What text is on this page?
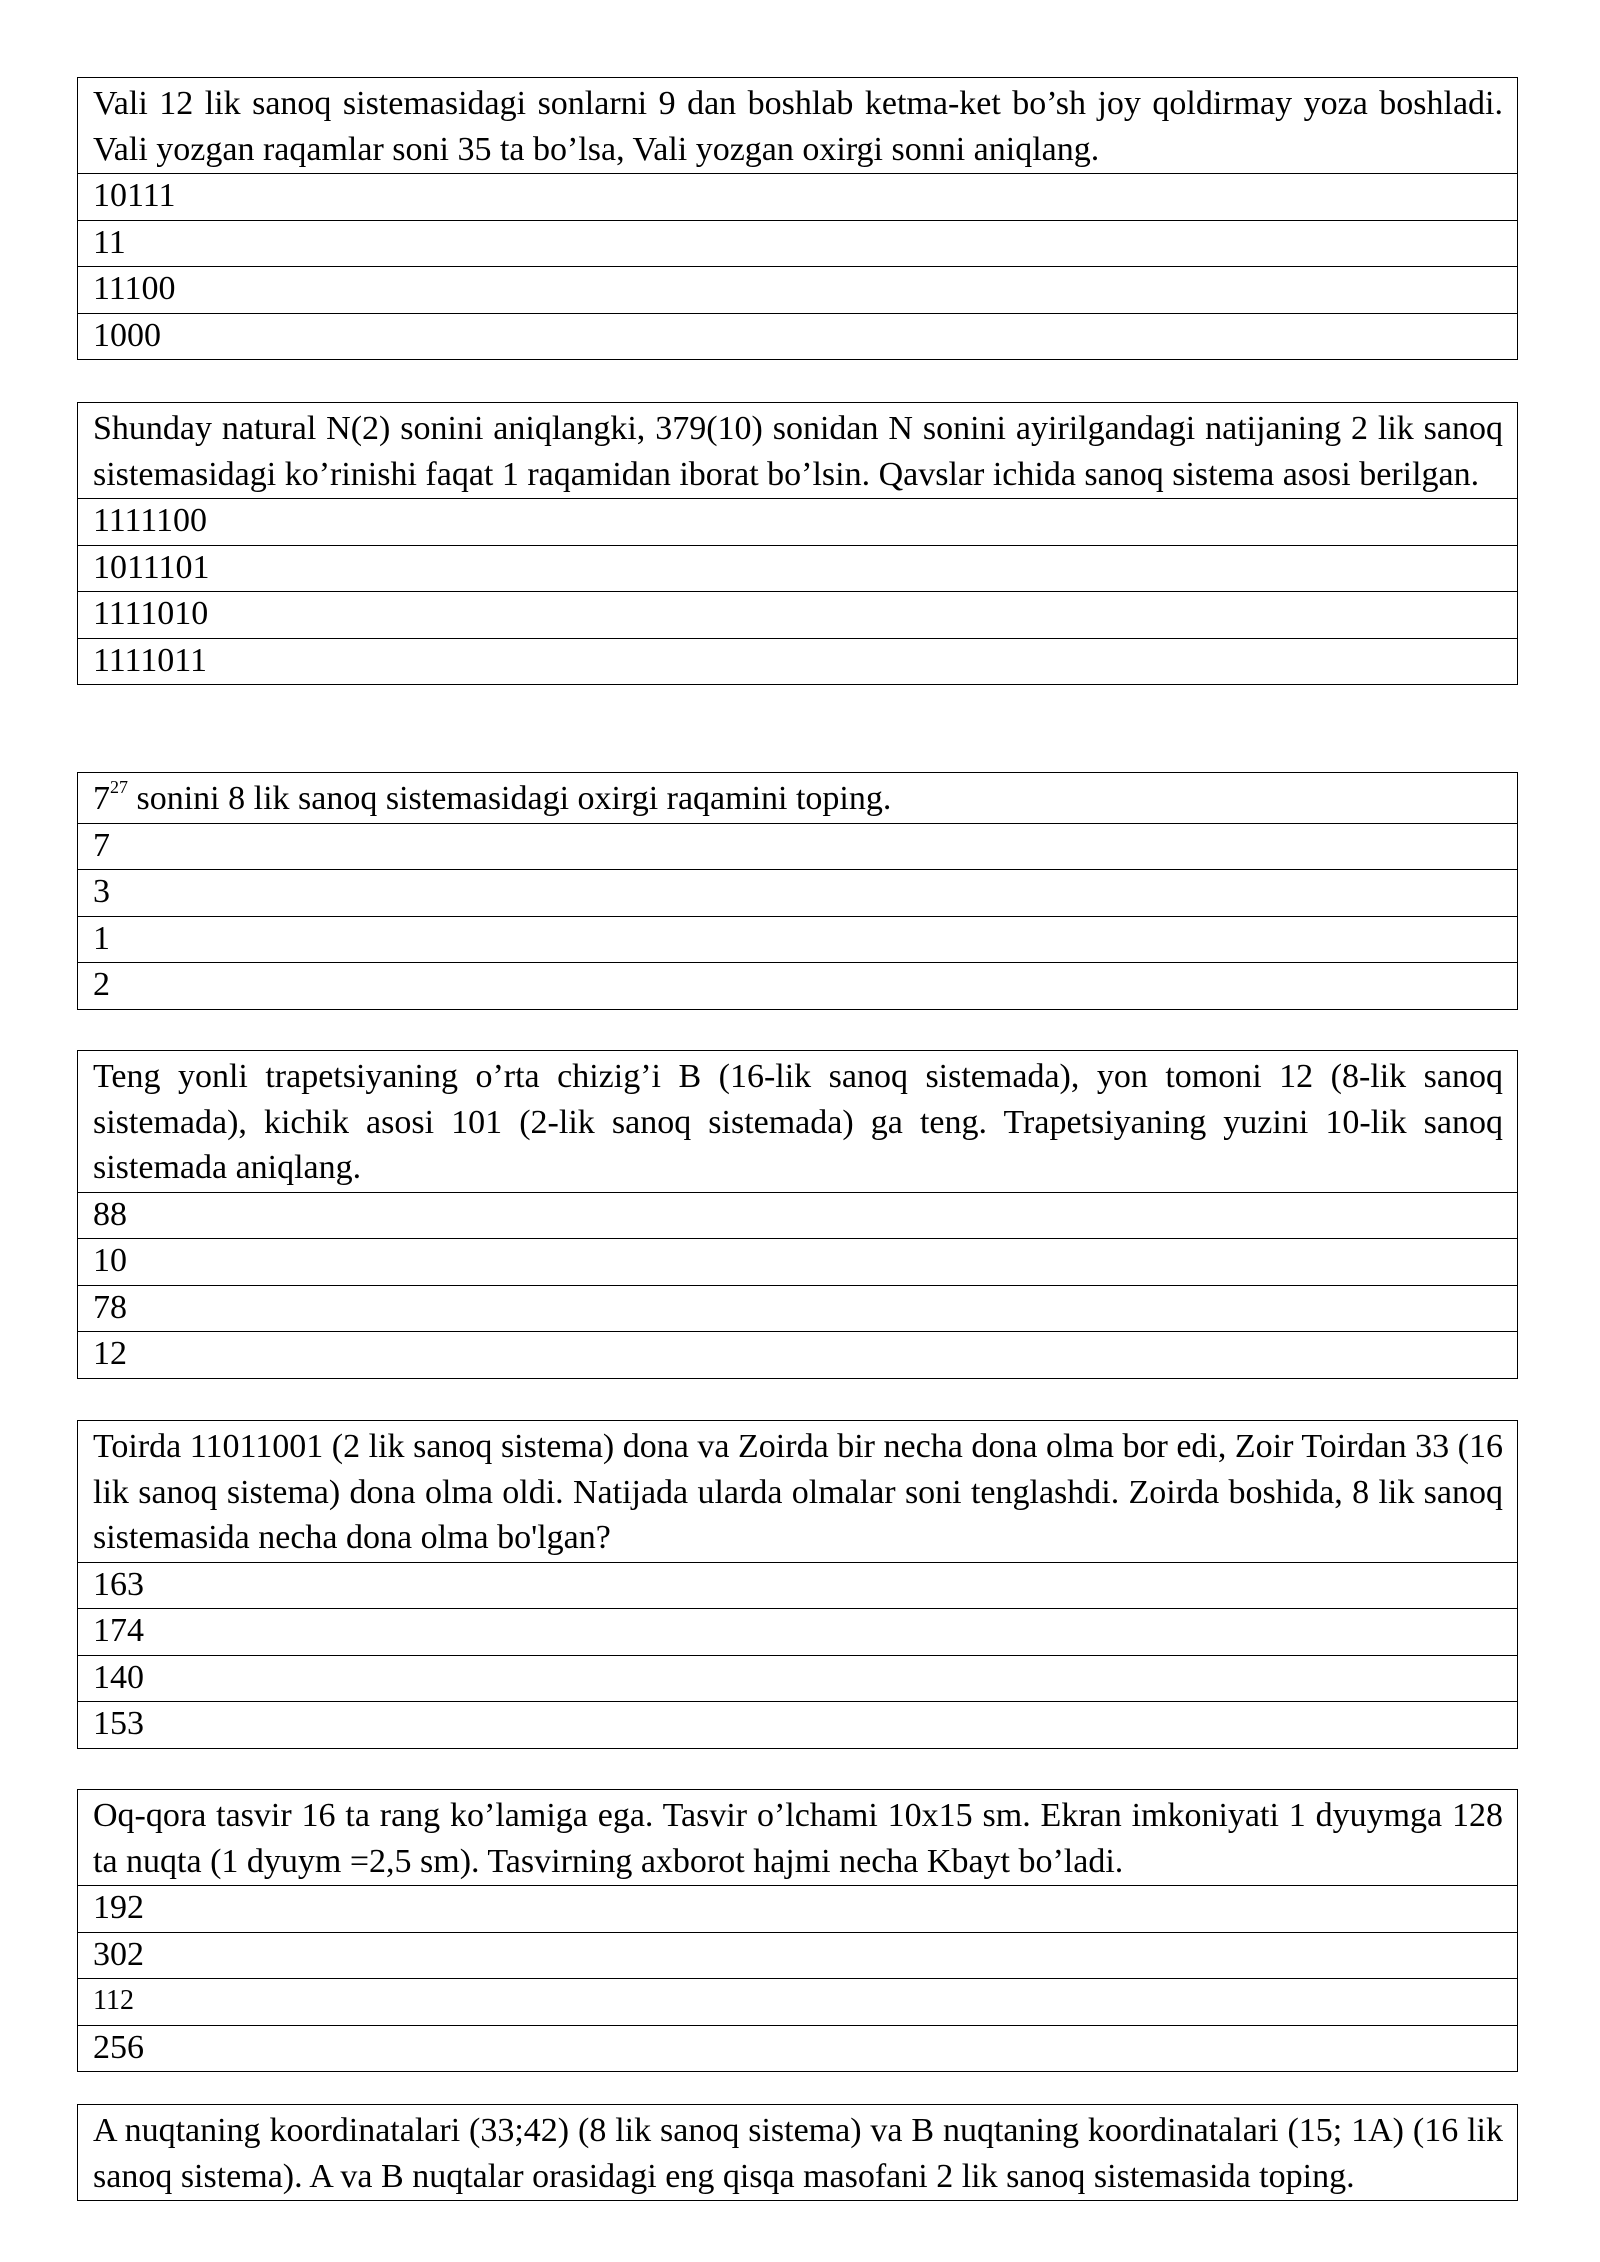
Vali 12 lik sanoq sistemasidagi sonlarni 9 dan boshlab ketma-ket bo’sh joy qoldirmay yoza boshladi. Vali yozgan raqamlar soni 35 ta bo’lsa, Vali yozgan oxirgi sonni aniqlang.
10111
11
11100
1000
Shunday natural N(2) sonini aniqlangki, 379(10) sonidan N sonini ayirilgandagi natijaning 2 lik sanoq sistemasidagi ko’rinishi faqat 1 raqamidan iborat bo’lsin. Qavslar ichida sanoq sistema asosi berilgan.
1111100
1011101
1111010
1111011
$7^{27}$ sonini 8 lik sanoq sistemasidagi oxirgi raqamini toping.
7
3
1
2
Teng yonli trapetsiyaning o’rta chizig’i B (16-lik sanoq sistemada), yon tomoni 12 (8-lik sanoq sistemada), kichik asosi 101 (2-lik sanoq sistemada) ga teng. Trapetsiyaning yuzini 10-lik sanoq sistemada aniqlang.
88
10
78
12
Toirda 11011001 (2 lik sanoq sistema) dona va Zoirda bir necha dona olma bor edi, Zoir Toirdan 33 (16 lik sanoq sistema) dona olma oldi. Natijada ularda olmalar soni tenglashdi. Zoirda boshida, 8 lik sanoq sistemasida necha dona olma bo'lgan?
163
174
140
153
Oq-qora tasvir 16 ta rang ko’lamiga ega. Tasvir o’lchami 10x15 sm. Ekran imkoniyati 1 dyuymga 128 ta nuqta (1 dyuym =2,5 sm). Tasvirning axborot hajmi necha Kbayt bo’ladi.
192
302
112
256
A nuqtaning koordinatalari (33;42) (8 lik sanoq sistema) va B nuqtaning koordinatalari (15; 1A) (16 lik sanoq sistema). A va B nuqtalar orasidagi eng qisqa masofani 2 lik sanoq sistemasida toping.
